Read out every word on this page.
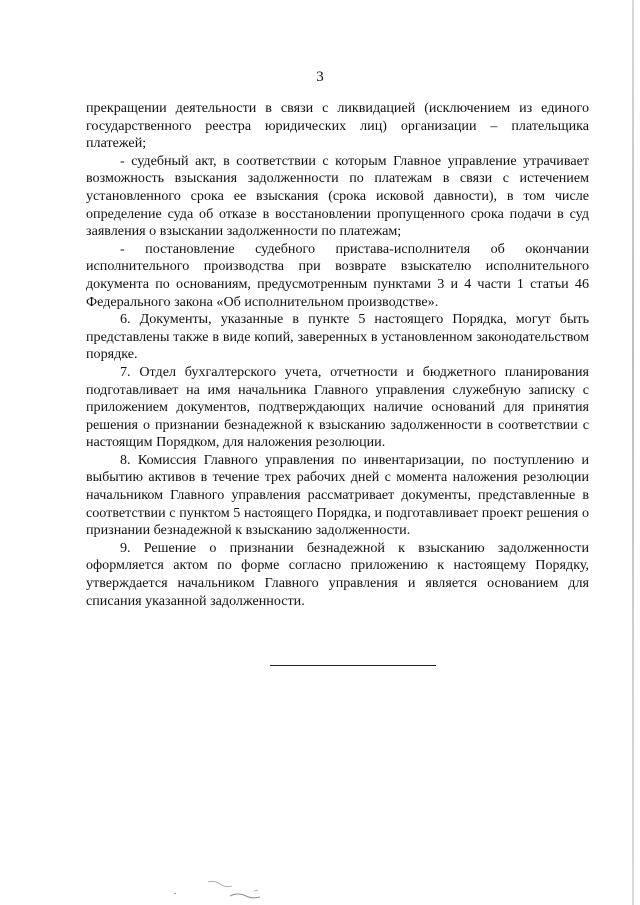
3

прекращении деятельности в связи с ликвидацией (исключением из единого государственного реестра юридических лиц) организации – плательщика платежей;

- судебный акт, в соответствии с которым Главное управление утрачивает возможность взыскания задолженности по платежам в связи с истечением установленного срока ее взыскания (срока исковой давности), в том числе определение суда об отказе в восстановлении пропущенного срока подачи в суд заявления о взыскании задолженности по платежам;

- постановление судебного пристава-исполнителя об окончании исполнительного производства при возврате взыскателю исполнительного документа по основаниям, предусмотренным пунктами 3 и 4 части 1 статьи 46 Федерального закона «Об исполнительном производстве».

6. Документы, указанные в пункте 5 настоящего Порядка, могут быть представлены также в виде копий, заверенных в установленном законодательством порядке.

7. Отдел бухгалтерского учета, отчетности и бюджетного планирования подготавливает на имя начальника Главного управления служебную записку с приложением документов, подтверждающих наличие оснований для принятия решения о признании безнадежной к взысканию задолженности в соответствии с настоящим Порядком, для наложения резолюции.

8. Комиссия Главного управления по инвентаризации, по поступлению и выбытию активов в течение трех рабочих дней с момента наложения резолюции начальником Главного управления рассматривает документы, представленные в соответствии с пунктом 5 настоящего Порядка, и подготавливает проект решения о признании безнадежной к взысканию задолженности.

9. Решение о признании безнадежной к взысканию задолженности оформляется актом по форме согласно приложению к настоящему Порядку, утверждается начальником Главного управления и является основанием для списания указанной задолженности.
